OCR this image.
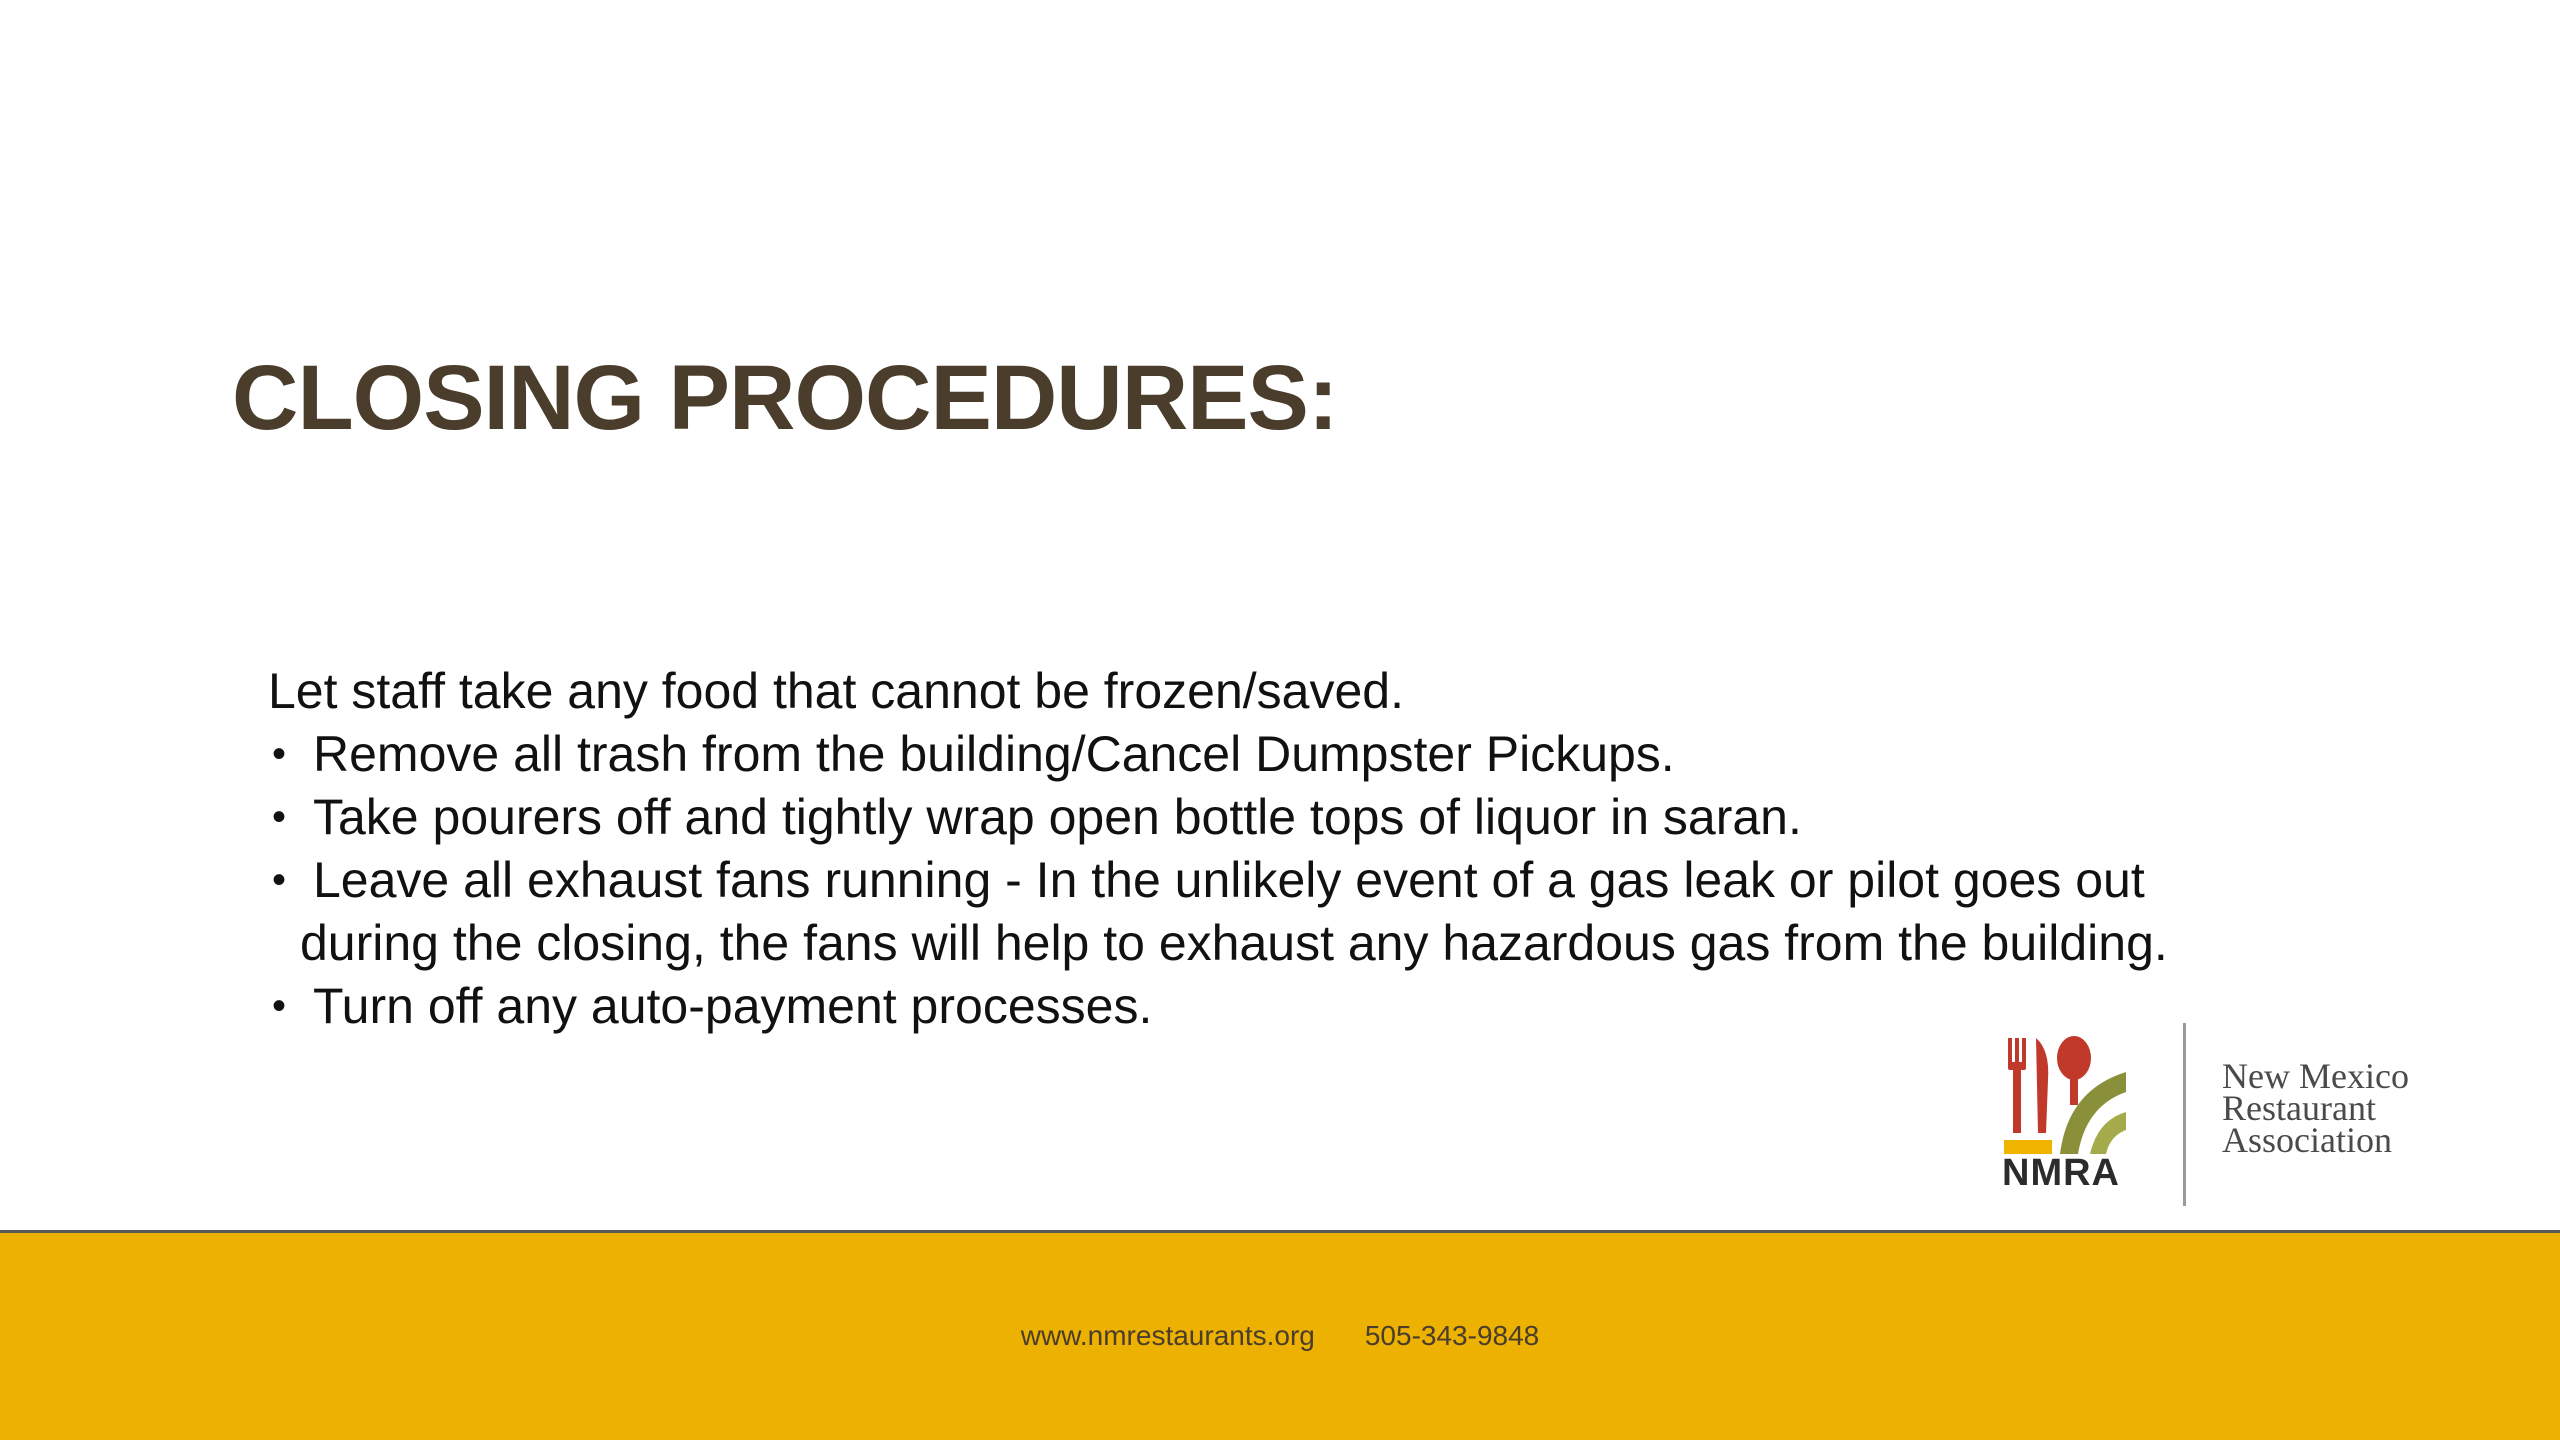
CLOSING PROCEDURES:

Let staff take any food that cannot be frozen/saved.

• Remove all trash from the building/Cancel Dumpster Pickups.
• Take pourers off and tightly wrap open bottle tops of liquor in saran.
• Leave all exhaust fans running - In the unlikely event of a gas leak or pilot goes out
during the closing, the fans will help to exhaust any hazardous gas from the building.
• Turn off any auto-payment processes.
NMRA
New Mexico
Restaurant
Association
www.nmrestaurants.org 505-343-9848
